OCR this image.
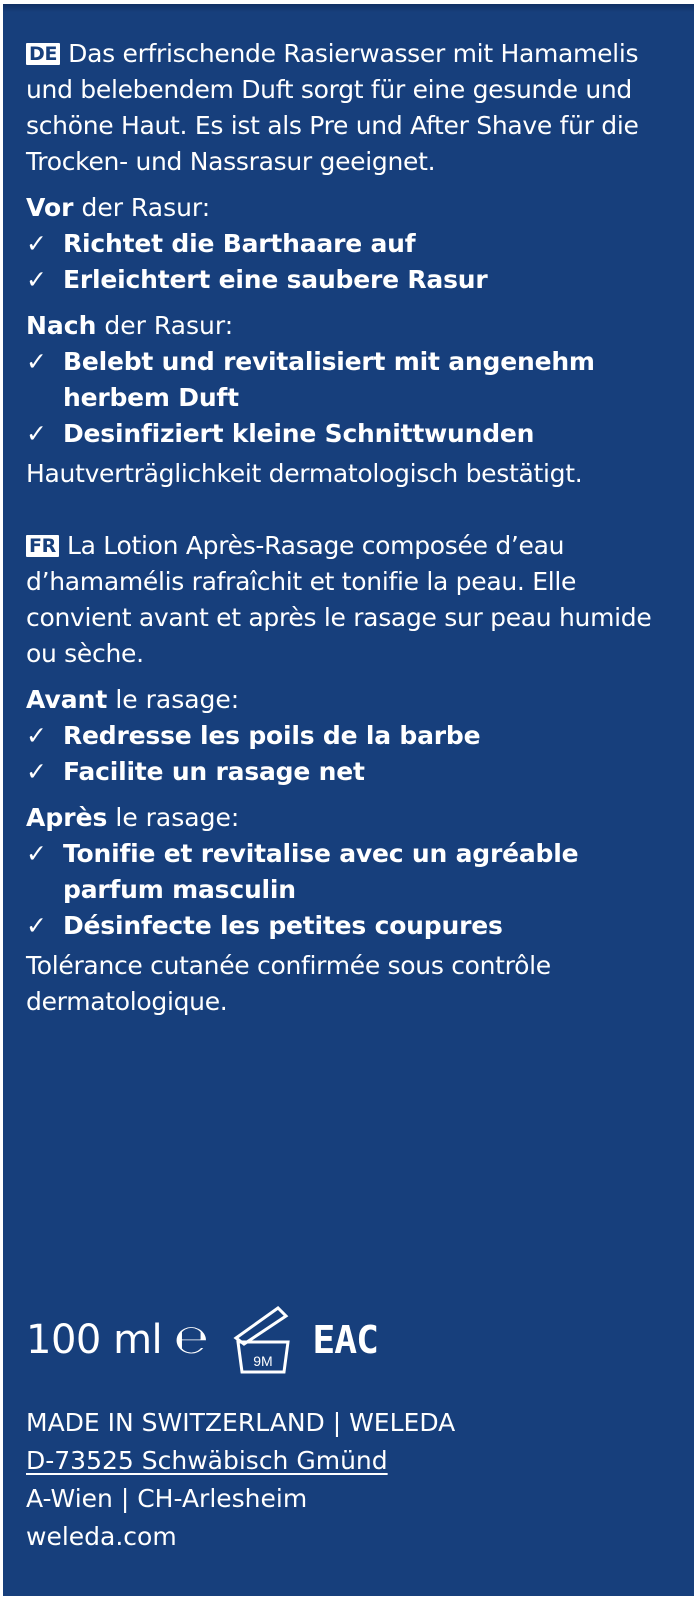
DE Das erfrischende Rasierwasser mit Hamamelis und belebendem Duft sorgt für eine gesunde und schöne Haut. Es ist als Pre und After Shave für die Trocken- und Nassrasur geeignet.
Vor der Rasur:
✓ Richtet die Barthaare auf
✓ Erleichtert eine saubere Rasur
Nach der Rasur:
✓ Belebt und revitalisiert mit angenehm herbem Duft
✓ Desinfiziert kleine Schnittwunden
Hautverträglichkeit dermatologisch bestätigt.
FR La Lotion Après-Rasage composée d’eau d’hamamélis rafraîchit et tonifie la peau. Elle convient avant et après le rasage sur peau humide ou sèche.
Avant le rasage:
✓ Redresse les poils de la barbe
✓ Facilite un rasage net
Après le rasage:
✓ Tonifie et revitalise avec un agréable parfum masculin
✓ Désinfecte les petites coupures
Tolérance cutanée confirmée sous contrôle dermatologique.
100 ml ℮	9M EAC
MADE IN SWITZERLAND | WELEDA
D-73525 Schwäbisch Gmünd
A-Wien | CH-Arlesheim
weleda.com
